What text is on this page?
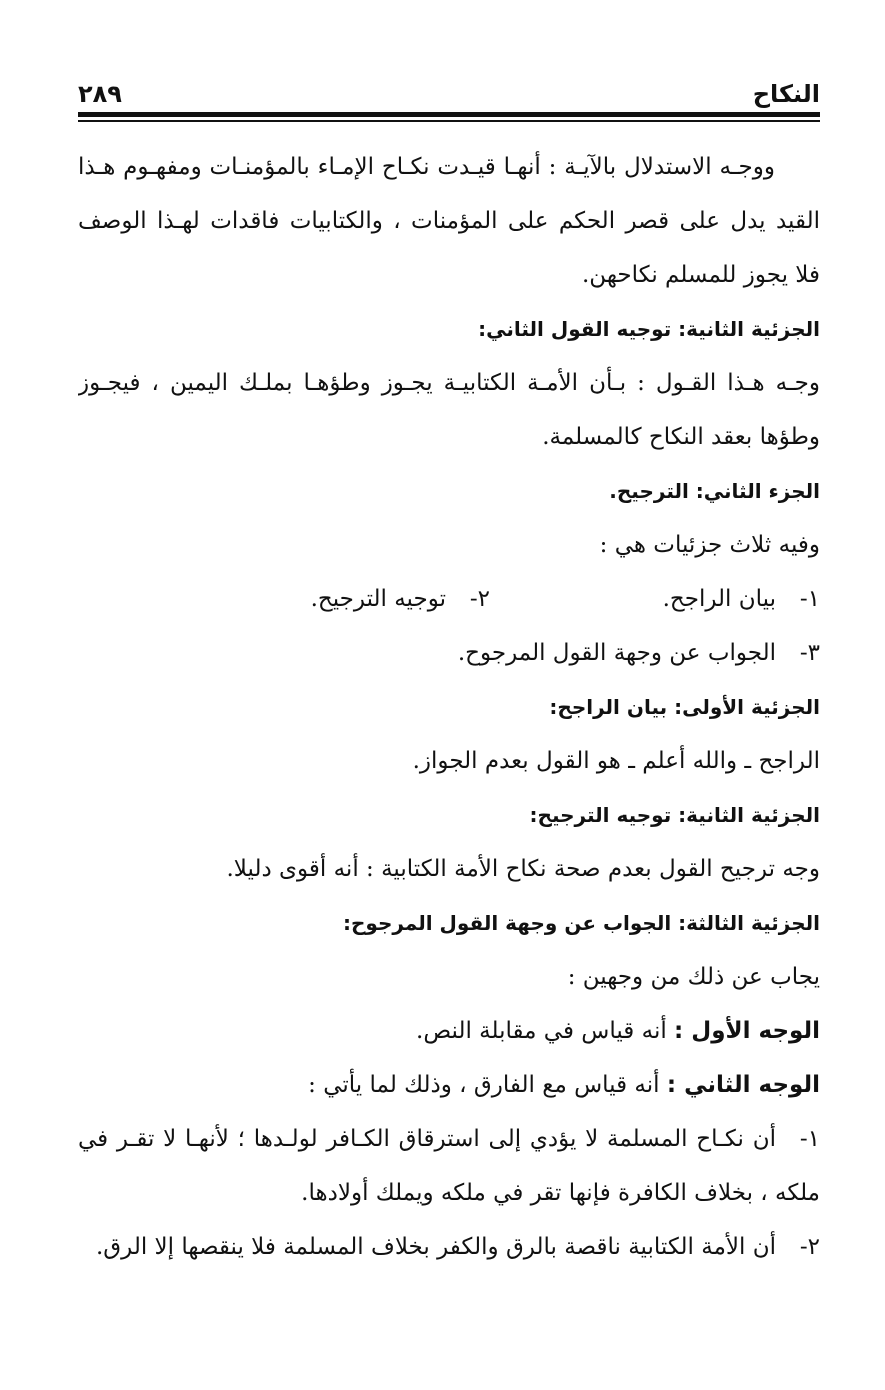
النكاح
٢٨٩
ووجـه الاستدلال بالآيـة : أنهـا قيـدت نكـاح الإمـاء بالمؤمنـات ومفهـوم هـذا
القيد يدل على قصر الحكم على المؤمنات ، والكتابيات فاقدات لهـذا الوصف
فلا يجوز للمسلم نكاحهن.
الجزئية الثانية: توجيه القول الثاني:
وجـه هـذا القـول : بـأن الأمـة الكتابيـة يجـوز وطؤهـا بملـك اليمين ، فيجـوز
وطؤها بعقد النكاح كالمسلمة.
الجزء الثاني: الترجيح.
وفيه ثلاث جزئيات هي :
١-بيان الراجح.
٢-توجيه الترجيح.
٣-الجواب عن وجهة القول المرجوح.
الجزئية الأولى: بيان الراجح:
الراجح ـ والله أعلم ـ هو القول بعدم الجواز.
الجزئية الثانية: توجيه الترجيح:
وجه ترجيح القول بعدم صحة نكاح الأمة الكتابية : أنه أقوى دليلا.
الجزئية الثالثة: الجواب عن وجهة القول المرجوح:
يجاب عن ذلك من وجهين :
الوجه الأول : أنه قياس في مقابلة النص.
الوجه الثاني : أنه قياس مع الفارق ، وذلك لما يأتي :
١-أن نكـاح المسلمة لا يؤدي إلى استرقاق الكـافر لولـدها ؛ لأنهـا لا تقـر في
ملكه ، بخلاف الكافرة فإنها تقر في ملكه ويملك أولادها.
٢-أن الأمة الكتابية ناقصة بالرق والكفر بخلاف المسلمة فلا ينقصها إلا الرق.
